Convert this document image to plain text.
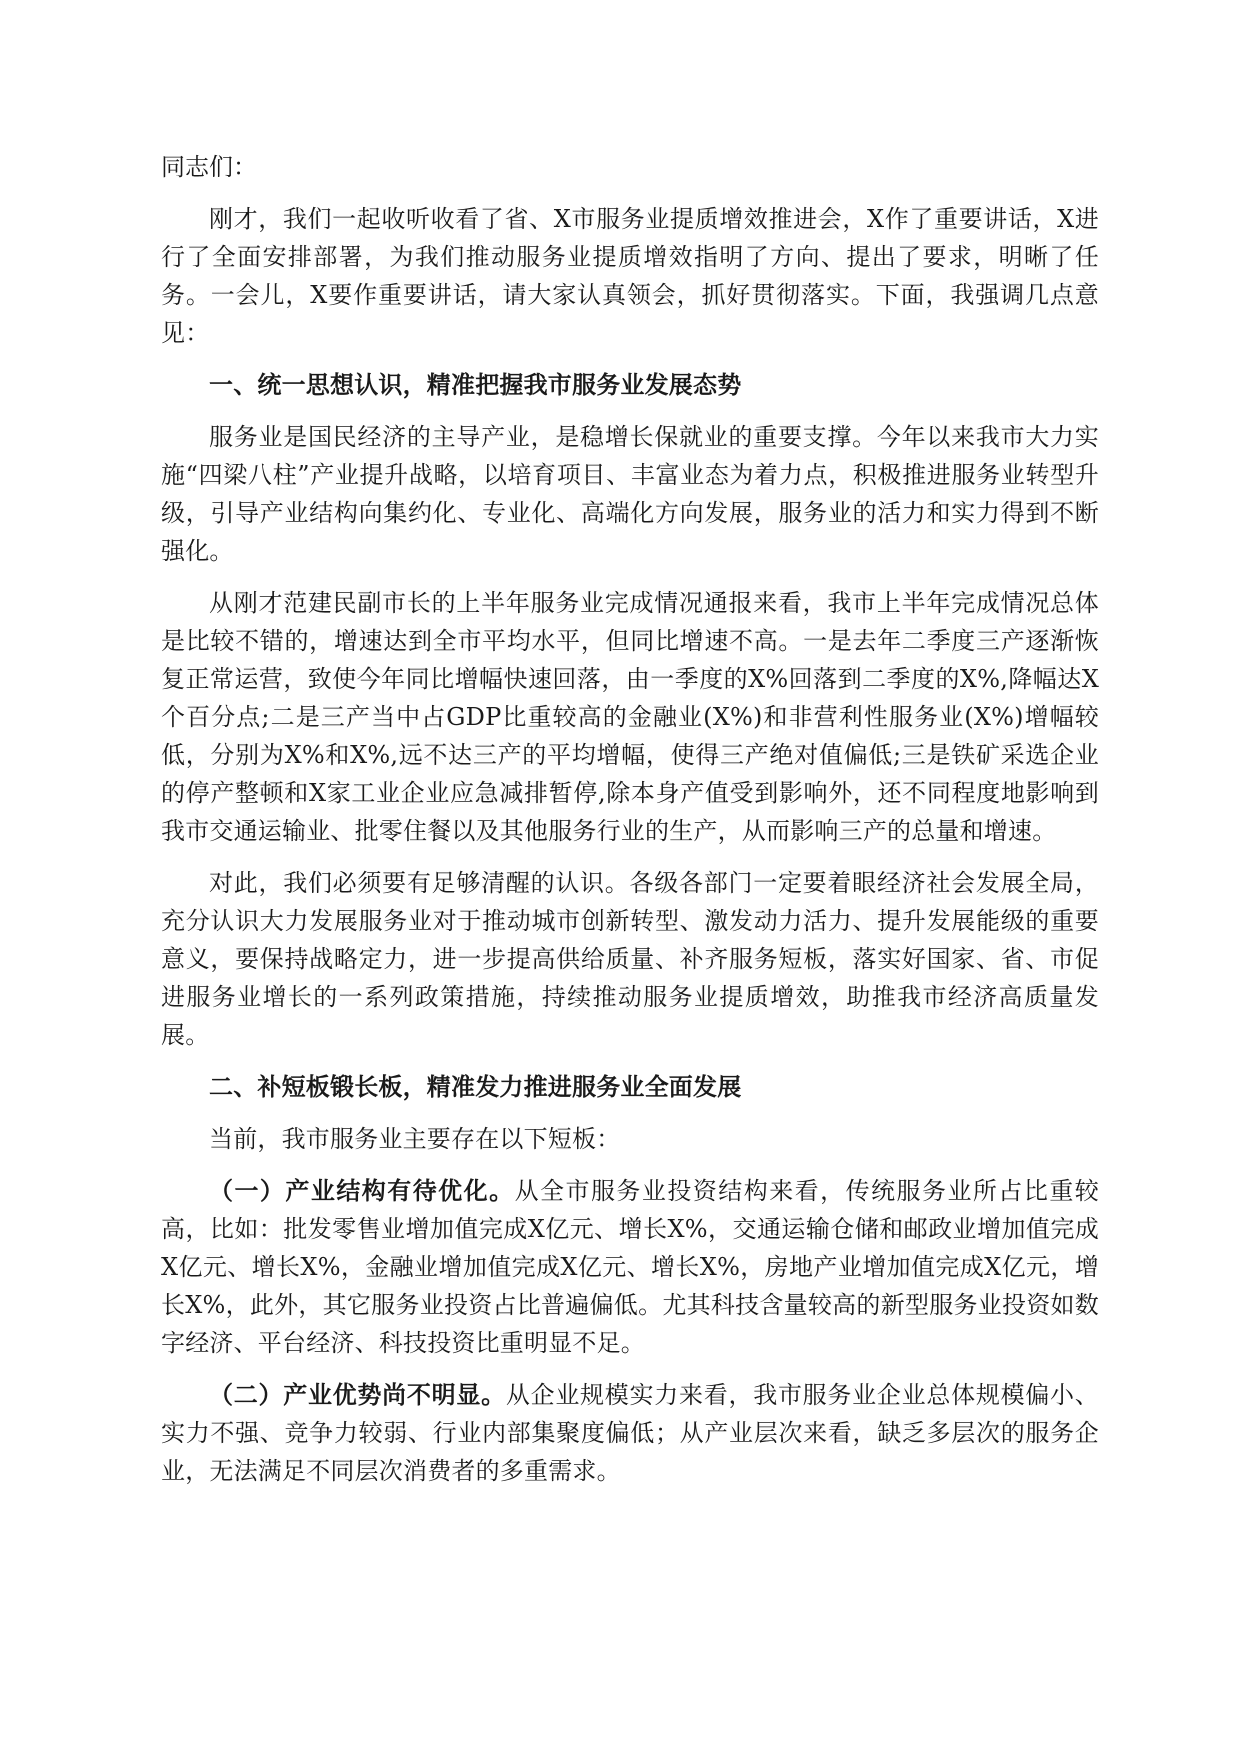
同志们：

刚才，我们一起收听收看了省、X市服务业提质增效推进会，X作了重要讲话，X进行了全面安排部署，为我们推动服务业提质增效指明了方向、提出了要求，明晰了任务。一会儿，X要作重要讲话，请大家认真领会，抓好贯彻落实。下面，我强调几点意见：

一、统一思想认识，精准把握我市服务业发展态势

服务业是国民经济的主导产业，是稳增长保就业的重要支撑。今年以来我市大力实施“四梁八柱”产业提升战略，以培育项目、丰富业态为着力点，积极推进服务业转型升级，引导产业结构向集约化、专业化、高端化方向发展，服务业的活力和实力得到不断强化。

从刚才范建民副市长的上半年服务业完成情况通报来看，我市上半年完成情况总体是比较不错的，增速达到全市平均水平，但同比增速不高。一是去年二季度三产逐渐恢复正常运营，致使今年同比增幅快速回落，由一季度的X%回落到二季度的X%,降幅达X个百分点;二是三产当中占GDP比重较高的金融业(X%)和非营利性服务业(X%)增幅较低，分别为X%和X%,远不达三产的平均增幅，使得三产绝对值偏低;三是铁矿采选企业的停产整顿和X家工业企业应急减排暂停,除本身产值受到影响外，还不同程度地影响到我市交通运输业、批零住餐以及其他服务行业的生产，从而影响三产的总量和增速。

对此，我们必须要有足够清醒的认识。各级各部门一定要着眼经济社会发展全局，充分认识大力发展服务业对于推动城市创新转型、激发动力活力、提升发展能级的重要意义，要保持战略定力，进一步提高供给质量、补齐服务短板，落实好国家、省、市促进服务业增长的一系列政策措施，持续推动服务业提质增效，助推我市经济高质量发展。

二、补短板锻长板，精准发力推进服务业全面发展

当前，我市服务业主要存在以下短板：

（一）产业结构有待优化。从全市服务业投资结构来看，传统服务业所占比重较高，比如：批发零售业增加值完成X亿元、增长X%，交通运输仓储和邮政业增加值完成X亿元、增长X%，金融业增加值完成X亿元、增长X%，房地产业增加值完成X亿元，增长X%，此外，其它服务业投资占比普遍偏低。尤其科技含量较高的新型服务业投资如数字经济、平台经济、科技投资比重明显不足。

（二）产业优势尚不明显。从企业规模实力来看，我市服务业企业总体规模偏小、实力不强、竞争力较弱、行业内部集聚度偏低；从产业层次来看，缺乏多层次的服务企业，无法满足不同层次消费者的多重需求。
